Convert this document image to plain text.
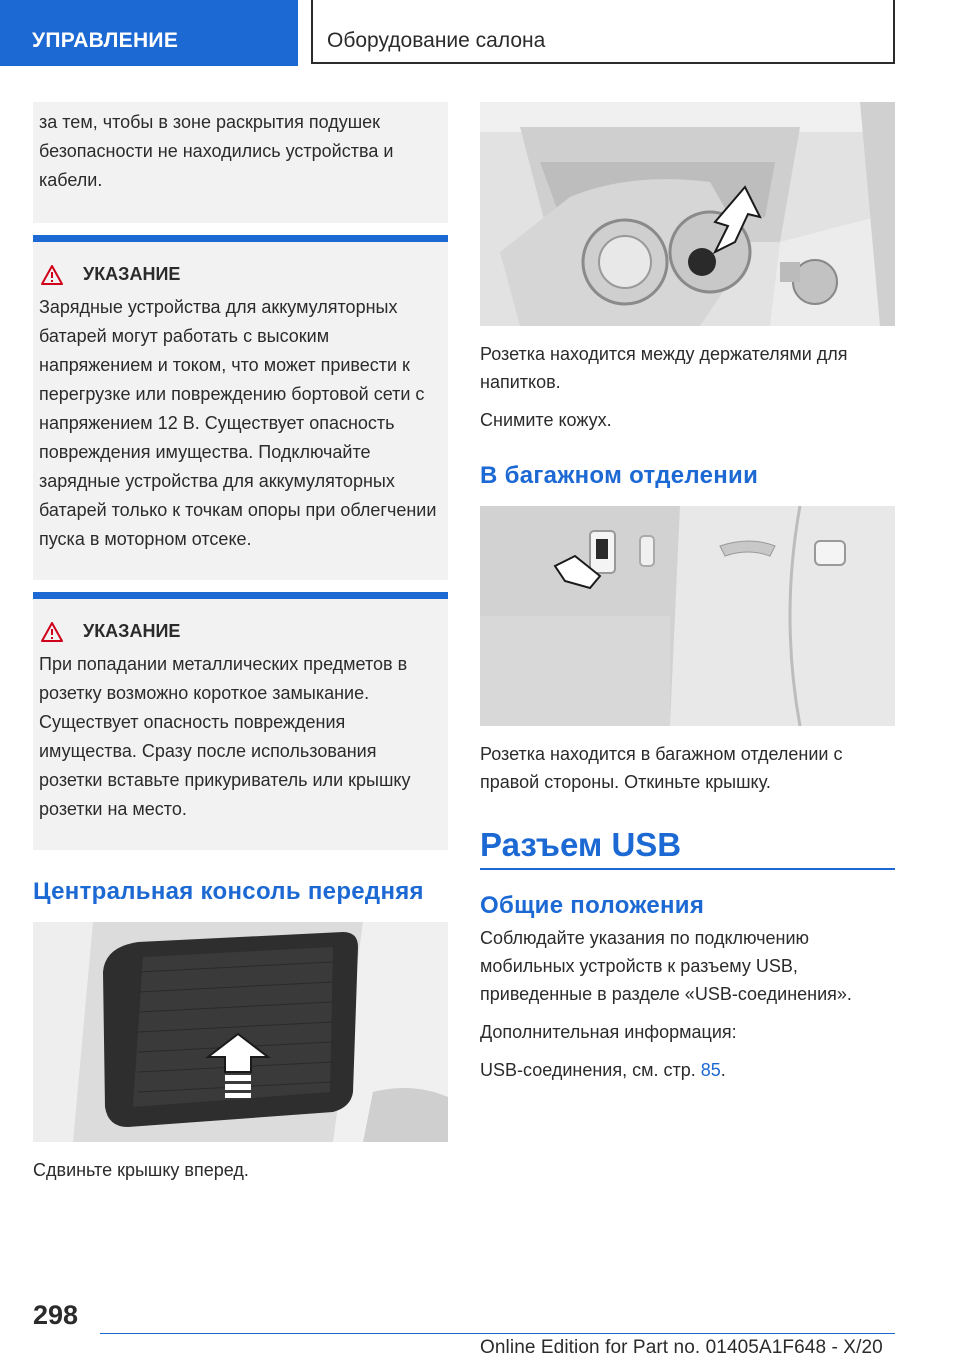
УПРАВЛЕНИЕ	Оборудование салона
за тем, чтобы в зоне раскрытия подушек безопасности не находились устройства и кабели.
УКАЗАНИЕ
Зарядные устройства для аккумуляторных батарей могут работать с высоким напряжением и током, что может привести к перегрузке или повреждению бортовой сети с напряжением 12 В. Существует опасность повреждения имущества. Подключайте зарядные устройства для аккумуляторных батарей только к точкам опоры при облегчении пуска в моторном отсеке.
УКАЗАНИЕ
При попадании металлических предметов в розетку возможно короткое замыкание. Существует опасность повреждения имущества. Сразу после использования розетки вставьте прикуриватель или крышку розетки на место.
Центральная консоль передняя

Сдвиньте крышку вперед.

Розетка находится между держателями для напитков.

Снимите кожух.

В багажном отделении

Розетка находится в багажном отделении с правой стороны. Откиньте крышку.

Разъем USB
Общие положения

Соблюдайте указания по подключению мобильных устройств к разъему USB, приведенные в разделе «USB-соединения».

Дополнительная информация:

USB-соединения, см. стр. 85.

298
Online Edition for Part no. 01405A1F648 - X/20
